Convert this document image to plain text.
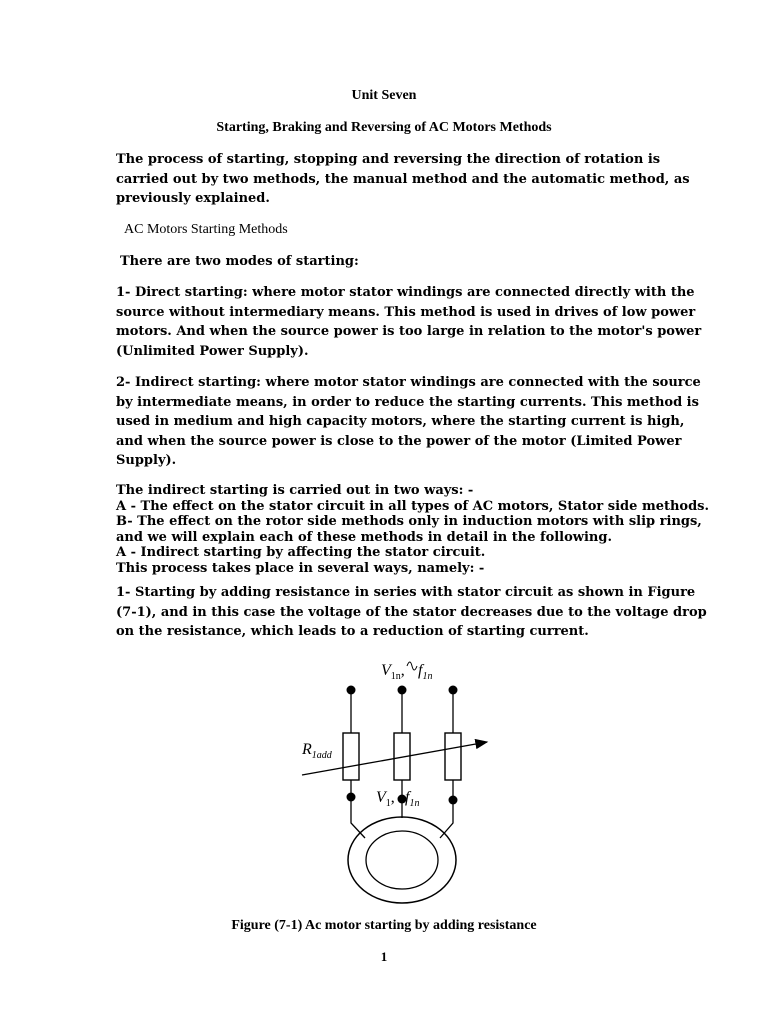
Unit Seven

Starting, Braking and Reversing of AC Motors Methods

The process of starting, stopping and reversing the direction of rotation is
carried out by two methods, the manual method and the automatic method, as
previously explained.

AC Motors Starting Methods

There are two modes of starting:

1- Direct starting: where motor stator windings are connected directly with the
source without intermediary means. This method is used in drives of low power
motors. And when the source power is too large in relation to the motor's power
(Unlimited Power Supply).
2- Indirect starting: where motor stator windings are connected with the source
by intermediate means, in order to reduce the starting currents. This method is
used in medium and high capacity motors, where the starting current is high,
and when the source power is close to the power of the motor (Limited Power
Supply).
The indirect starting is carried out in two ways: -
A - The effect on the stator circuit in all types of AC motors, Stator side methods.
B- The effect on the rotor side methods only in induction motors with slip rings,
and we will explain each of these methods in detail in the following.
A - Indirect starting by affecting the stator circuit.
This process takes place in several ways, namely: -
1- Starting by adding resistance in series with stator circuit as shown in Figure
(7-1), and in this case the voltage of the stator decreases due to the voltage drop
on the resistance, which leads to a reduction of starting current.
$V_{1n}$, $f_{1n}$
$R_{1add}$
$V_1$, $f_{1n}$

Figure (7-1) Ac motor starting by adding resistance

1
